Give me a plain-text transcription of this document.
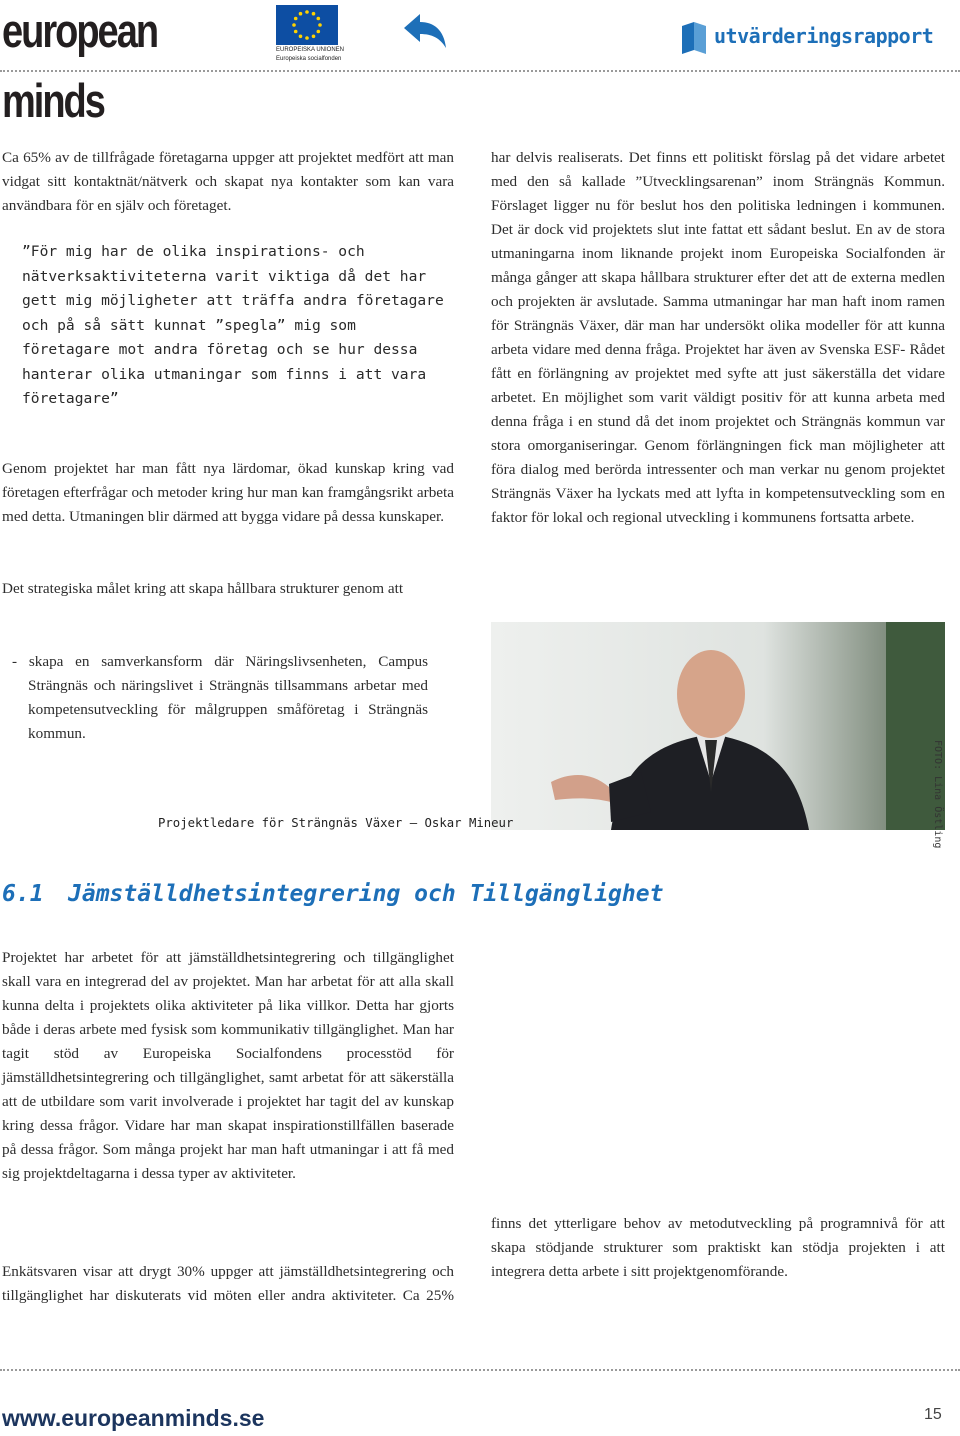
european minds
EUROPEISKA UNIONEN
Europeiska socialfonden
utvärderingsrapport
Ca 65% av de tillfrågade företagarna uppger att projektet medfört att man vidgat sitt kontaktnät/nätverk och skapat nya kontakter som kan vara användbara för en själv och företaget.
”För mig har de olika inspirations- och nätverksaktiviteterna varit viktiga då det har gett mig möjligheter att träffa andra företagare och på så sätt kunnat ”spegla” mig som företagare mot andra företag och se hur dessa hanterar olika utmaningar som finns i att vara företagare”
Genom projektet har man fått nya lärdomar, ökad kunskap kring vad företagen efterfrågar och metoder kring hur man kan framgångsrikt arbeta med detta. Utmaningen blir därmed att bygga vidare på dessa kunskaper.
Det strategiska målet kring att skapa hållbara strukturer genom att
- skapa en samverkansform där Näringslivsenheten, Campus Strängnäs och näringslivet i Strängnäs tillsammans arbetar med kompetensutveckling för målgruppen småföretag i Strängnäs kommun.
har delvis realiserats. Det finns ett politiskt förslag på det vidare arbetet med den så kallade ”Utvecklingsarenan” inom Strängnäs Kommun. Förslaget ligger nu för beslut hos den politiska ledningen i kommunen. Det är dock vid projektets slut inte fattat ett sådant beslut. En av de stora utmaningarna inom liknande projekt inom Europeiska Socialfonden är många gånger att skapa hållbara strukturer efter det att de externa medlen och projekten är avslutade. Samma utmaningar har man haft inom ramen för Strängnäs Växer, där man har undersökt olika modeller för att kunna arbeta vidare med denna fråga. Projektet har även av Svenska ESF- Rådet fått en förlängning av projektet med syfte att just säkerställa det vidare arbetet. En möjlighet som varit väldigt positiv för att kunna arbeta med denna fråga i en stund då det inom projektet och Strängnäs kommun var stora omorganiseringar. Genom förlängningen fick man möjligheter att föra dialog med berörda intressenter och man verkar nu genom projektet Strängnäs Växer ha lyckats med att lyfta in kompetensutveckling som en faktor för lokal och regional utveckling i kommunens fortsatta arbete.
FOTO: Lina Östling
Projektledare för Strängnäs Växer – Oskar Mineur
6.1 Jämställdhetsintegrering och Tillgänglighet
Projektet har arbetet för att jämställdhetsintegrering och tillgänglighet skall vara en integrerad del av projektet. Man har arbetat för att alla skall kunna delta i projektets olika aktiviteter på lika villkor. Detta har gjorts både i deras arbete med fysisk som kommunikativ tillgänglighet. Man har tagit stöd av Europeiska Socialfondens processtöd för jämställdhetsintegrering och tillgänglighet, samt arbetat för att säkerställa att de utbildare som varit involverade i projektet har tagit del av kunskap kring dessa frågor. Vidare har man skapat inspirationstillfällen baserade på dessa frågor. Som många projekt har man haft utmaningar i att få med sig projektdeltagarna i dessa typer av aktiviteter.
Enkätsvaren visar att drygt 30% uppger att jämställdhetsintegrering och tillgänglighet har diskuterats vid möten eller andra aktiviteter. Ca 25%
finns det ytterligare behov av metodutveckling på programnivå för att skapa stödjande strukturer som praktiskt kan stödja projekten i att integrera detta arbete i sitt projektgenomförande.
www.europeanminds.se	15
